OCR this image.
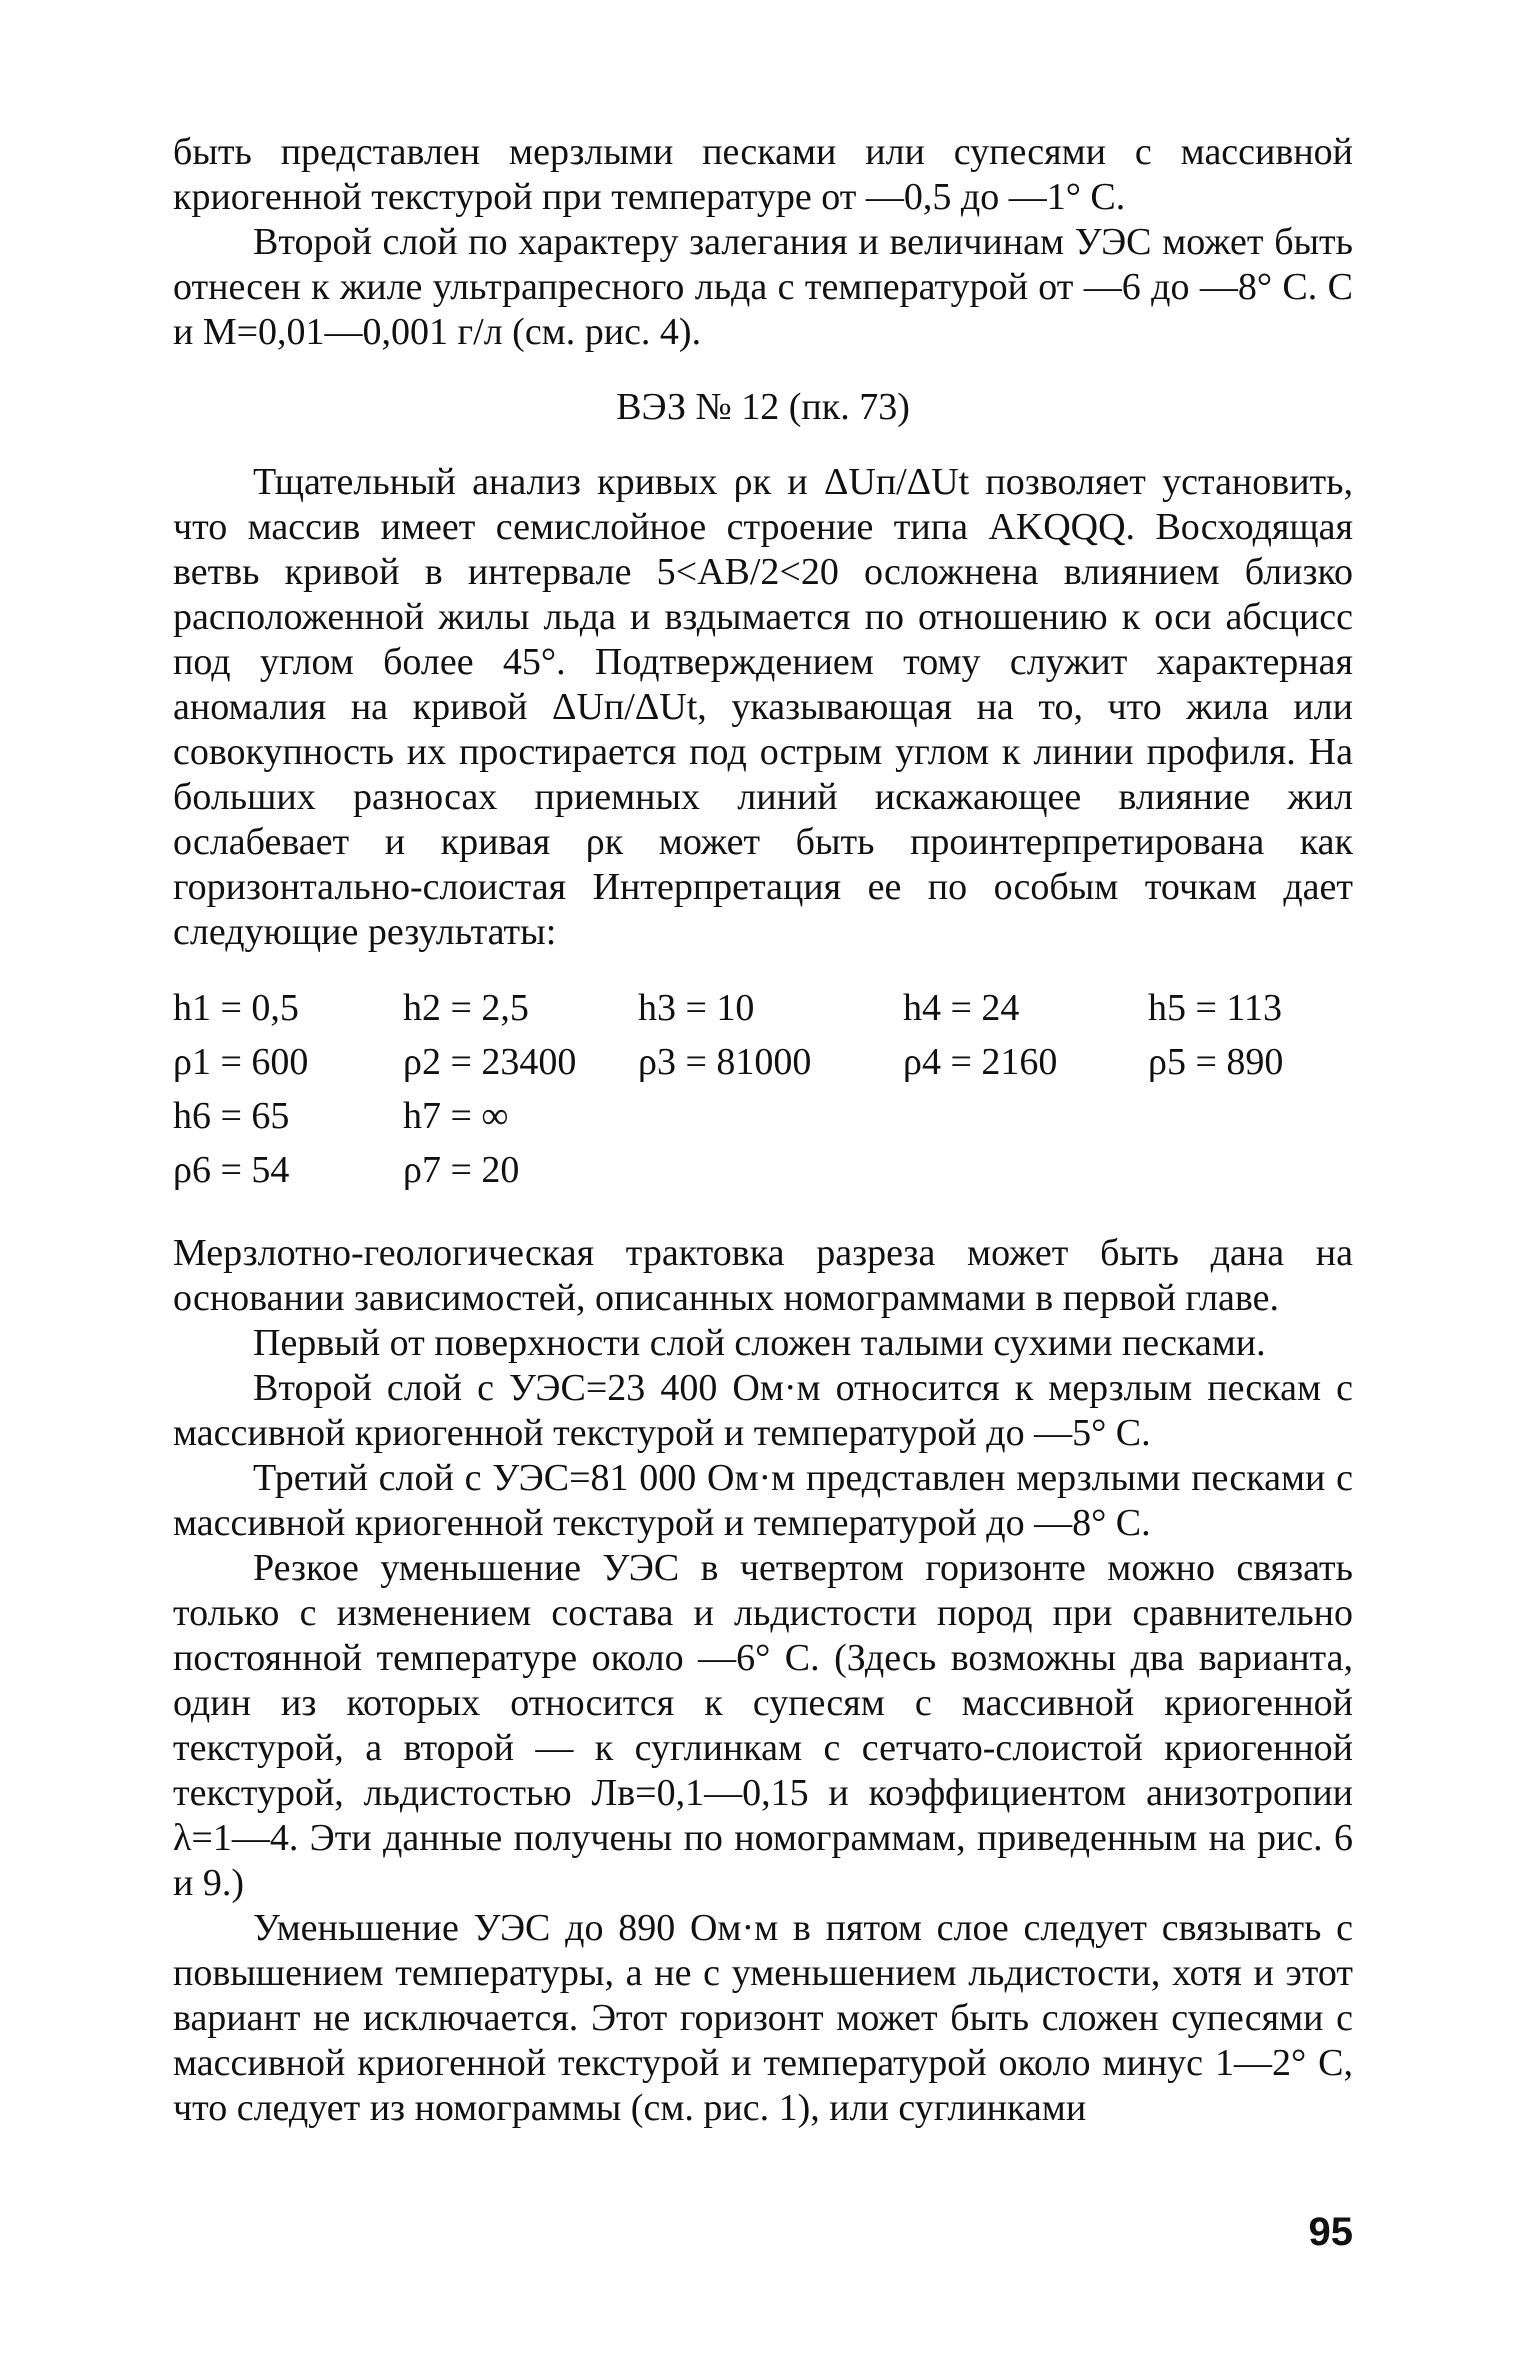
быть представлен мерзлыми песками или супесями с массивной криогенной текстурой при температуре от —0,5 до —1° С.

Второй слой по характеру залегания и величинам УЭС может быть отнесен к жиле ультрапресного льда с температурой от —6 до —8° С. С и М=0,01—0,001 г/л (см. рис. 4).

ВЭЗ № 12 (пк. 73)

Тщательный анализ кривых ρк и ΔUп/ΔUt позволяет установить, что массив имеет семислойное строение типа AKQQQ. Восходящая ветвь кривой в интервале 5<AB/2<20 осложнена влиянием близко расположенной жилы льда и вздымается по отношению к оси абсцисс под углом более 45°. Подтверждением тому служит характерная аномалия на кривой ΔUп/ΔUt, указывающая на то, что жила или совокупность их простирается под острым углом к линии профиля. На больших разносах приемных линий искажающее влияние жил ослабевает и кривая ρк может быть проинтерпретирована как горизонтально-слоистая Интерпретация ее по особым точкам дает следующие результаты:

h1 = 0,5	h2 = 2,5	h3 = 10	h4 = 24	h5 = 113
ρ1 = 600	ρ2 = 23400	ρ3 = 81000	ρ4 = 2160	ρ5 = 890
h6 = 65	h7 = ∞
ρ6 = 54	ρ7 = 20

Мерзлотно-геологическая трактовка разреза может быть дана на основании зависимостей, описанных номограммами в первой главе.

Первый от поверхности слой сложен талыми сухими песками.

Второй слой с УЭС=23 400 Ом·м относится к мерзлым пескам с массивной криогенной текстурой и температурой до —5° С.

Третий слой с УЭС=81 000 Ом·м представлен мерзлыми песками с массивной криогенной текстурой и температурой до —8° С.

Резкое уменьшение УЭС в четвертом горизонте можно связать только с изменением состава и льдистости пород при сравнительно постоянной температуре около —6° С. (Здесь возможны два варианта, один из которых относится к супесям с массивной криогенной текстурой, а второй — к суглинкам с сетчато-слоистой криогенной текстурой, льдистостью Лв=0,1—0,15 и коэффициентом анизотропии λ=1—4. Эти данные получены по номограммам, приведенным на рис. 6 и 9.)

Уменьшение УЭС до 890 Ом·м в пятом слое следует связывать с повышением температуры, а не с уменьшением льдистости, хотя и этот вариант не исключается. Этот горизонт может быть сложен супесями с массивной криогенной текстурой и температурой около минус 1—2° С, что следует из номограммы (см. рис. 1), или суглинками

95
